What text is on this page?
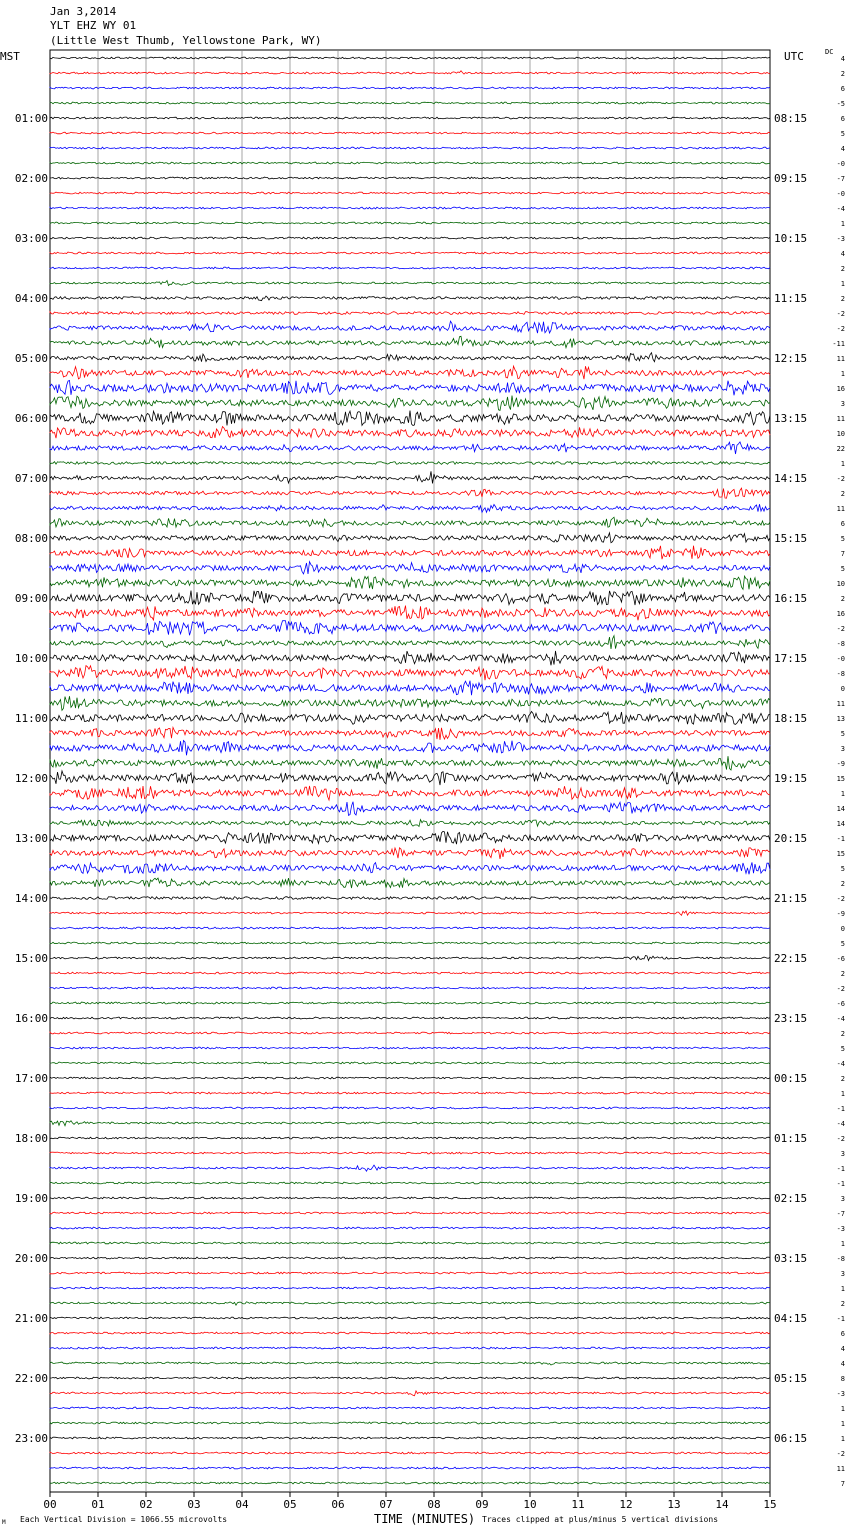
Jan 3,2014
YLT EHZ WY 01
(Little West Thumb, Yellowstone Park, WY)
MST	UTC	DC
00	01	02	03	04	05	06	07	08	09	10	11	12	13	14	15
01:00
02:00
03:00
04:00
05:00
06:00
07:00
08:00
09:00
10:00
11:00
12:00
13:00
14:00
15:00
16:00
17:00
18:00
19:00
20:00
21:00
22:00
23:00
08:15
09:15
10:15
11:15
12:15
13:15
14:15
15:15
16:15
17:15
18:15
19:15
20:15
21:15
22:15
23:15
00:15
01:15
02:15
03:15
04:15
05:15
06:15
4
2
6
-5
6
5
4
-0
-7
-0
-4
1
-3
4
2
1
2
-2
-2
-11
11
1
16
3
11
10
22
1
-2
2
11
6
5
7
5
10
2
16
-2
-8
-0
-8
0
11
13
5
3
-9
15
1
14
14
-1
15
5
2
-2
-9
0
5
-6
2
-2
-6
-4
2
5
-4
2
1
-1
-4
-2
3
-1
-1
3
-7
-3
1
-8
3
1
2
-1
6
4
4
8
-3
1
1
1
-2
11
7
TIME (MINUTES)
Each Vertical Division = 1066.55 microvolts	Traces clipped at plus/minus 5 vertical divisions
M
